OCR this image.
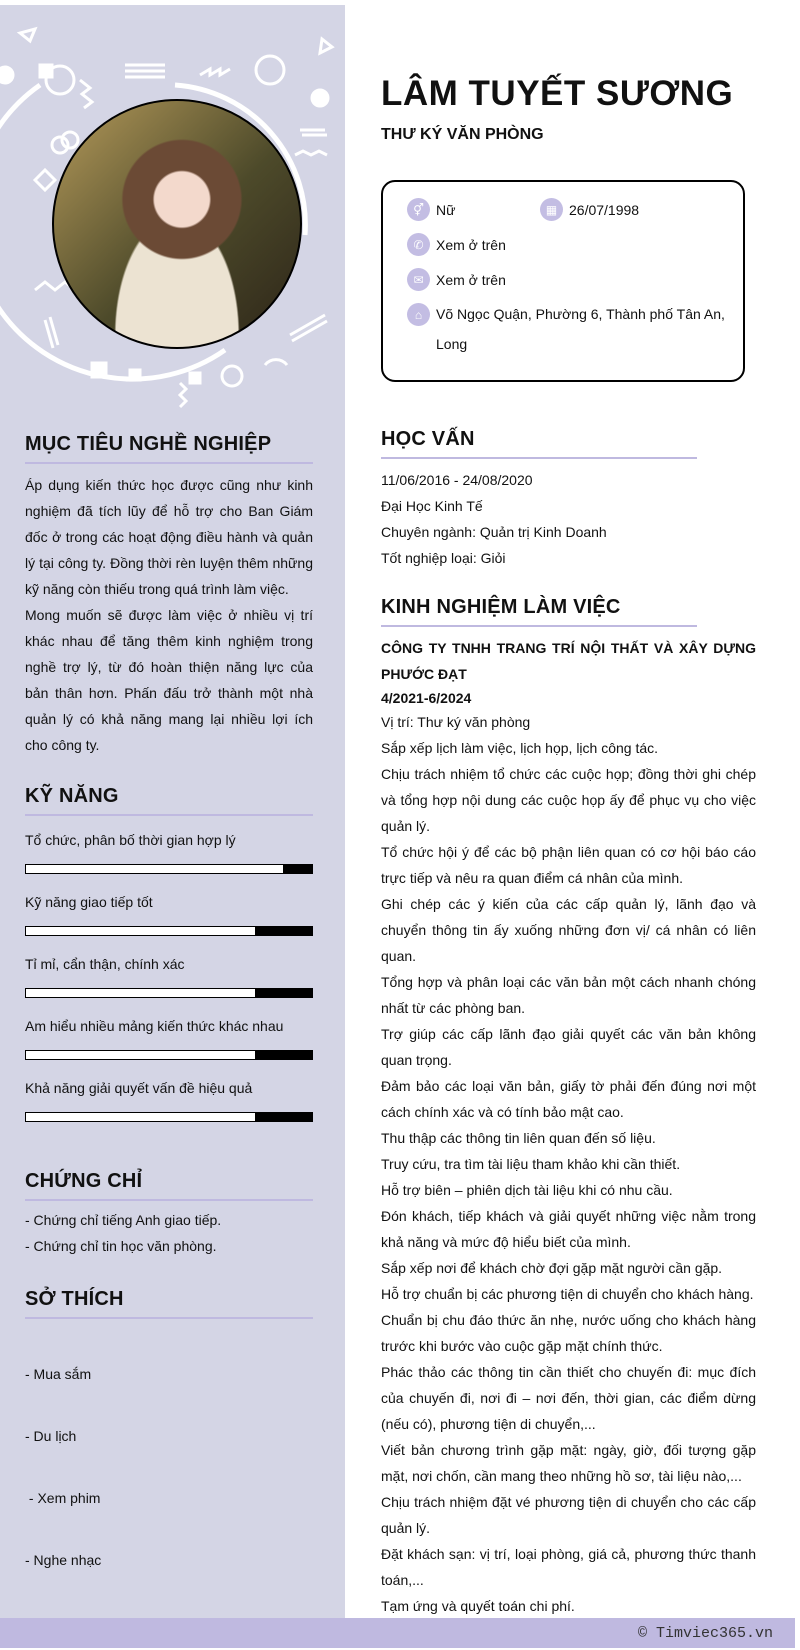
MỤC TIÊU NGHỀ NGHIỆP

Áp dụng kiến thức học được cũng như kinh nghiệm đã tích lũy để hỗ trợ cho Ban Giám đốc ở trong các hoạt động điều hành và quản lý tại công ty. Đồng thời rèn luyện thêm những kỹ năng còn thiếu trong quá trình làm việc.

Mong muốn sẽ được làm việc ở nhiều vị trí khác nhau để tăng thêm kinh nghiệm trong nghề trợ lý, từ đó hoàn thiện năng lực của bản thân hơn. Phấn đấu trở thành một nhà quản lý có khả năng mang lại nhiều lợi ích cho công ty.

KỸ NĂNG
Tổ chức, phân bố thời gian hợp lý
Kỹ năng giao tiếp tốt
Tỉ mỉ, cẩn thận, chính xác
Am hiểu nhiều mảng kiến thức khác nhau
Khả năng giải quyết vấn đề hiệu quả
CHỨNG CHỈ
- Chứng chỉ tiếng Anh giao tiếp.
- Chứng chỉ tin học văn phòng.
SỞ THÍCH

- Mua sắm

- Du lịch

- Xem phim

- Nghe nhạc

LÂM TUYẾT SƯƠNG
THƯ KÝ VĂN PHÒNG
⚥ Nữ	▦ 26/07/1998
✆ Xem ở trên
✉ Xem ở trên
⌂ Võ Ngọc Quận, Phường 6, Thành phố Tân An,
Long
HỌC VẤN
11/06/2016 - 24/08/2020
Đại Học Kinh Tế
Chuyên ngành: Quản trị Kinh Doanh
Tốt nghiệp loại: Giỏi
KINH NGHIỆM LÀM VIỆC
CÔNG TY TNHH TRANG TRÍ NỘI THẤT VÀ XÂY DỰNG PHƯỚC ĐẠT
4/2021-6/2024
Vị trí: Thư ký văn phòng
Sắp xếp lịch làm việc, lịch họp, lịch công tác.
Chịu trách nhiệm tổ chức các cuộc họp; đồng thời ghi chép và tổng hợp nội dung các cuộc họp ấy để phục vụ cho việc quản lý.
Tổ chức hội ý để các bộ phận liên quan có cơ hội báo cáo trực tiếp và nêu ra quan điểm cá nhân của mình.
Ghi chép các ý kiến của các cấp quản lý, lãnh đạo và chuyển thông tin ấy xuống những đơn vị/ cá nhân có liên quan.
Tổng hợp và phân loại các văn bản một cách nhanh chóng nhất từ các phòng ban.
Trợ giúp các cấp lãnh đạo giải quyết các văn bản không quan trọng.
Đảm bảo các loại văn bản, giấy tờ phải đến đúng nơi một cách chính xác và có tính bảo mật cao.
Thu thập các thông tin liên quan đến số liệu.
Truy cứu, tra tìm tài liệu tham khảo khi cần thiết.
Hỗ trợ biên – phiên dịch tài liệu khi có nhu cầu.
Đón khách, tiếp khách và giải quyết những việc nằm trong khả năng và mức độ hiểu biết của mình.
Sắp xếp nơi để khách chờ đợi gặp mặt người cần gặp.
Hỗ trợ chuẩn bị các phương tiện di chuyển cho khách hàng.
Chuẩn bị chu đáo thức ăn nhẹ, nước uống cho khách hàng trước khi bước vào cuộc gặp mặt chính thức.
Phác thảo các thông tin cần thiết cho chuyến đi: mục đích của chuyến đi, nơi đi – nơi đến, thời gian, các điểm dừng (nếu có), phương tiện di chuyển,...
Viết bản chương trình gặp mặt: ngày, giờ, đối tượng gặp mặt, nơi chốn, cần mang theo những hồ sơ, tài liệu nào,...
Chịu trách nhiệm đặt vé phương tiện di chuyển cho các cấp quản lý.
Đặt khách sạn: vị trí, loại phòng, giá cả, phương thức thanh toán,...
Tạm ứng và quyết toán chi phí.
© Timviec365.vn
